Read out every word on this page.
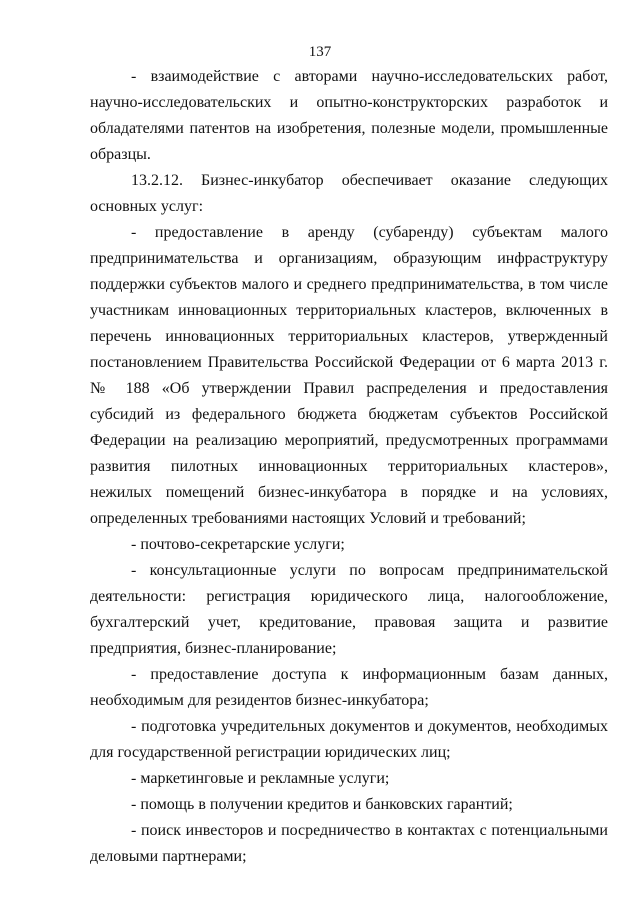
137

- взаимодействие с авторами научно-исследовательских работ, научно-исследовательских и опытно-конструкторских разработок и обладателями патентов на изобретения, полезные модели, промышленные образцы.

13.2.12. Бизнес-инкубатор обеспечивает оказание следующих основных услуг:

- предоставление в аренду (субаренду) субъектам малого предпринимательства и организациям, образующим инфраструктуру поддержки субъектов малого и среднего предпринимательства, в том числе участникам инновационных территориальных кластеров, включенных в перечень инновационных территориальных кластеров, утвержденный постановлением Правительства Российской Федерации от 6 марта 2013 г. № 188 «Об утверждении Правил распределения и предоставления субсидий из федерального бюджета бюджетам субъектов Российской Федерации на реализацию мероприятий, предусмотренных программами развития пилотных инновационных территориальных кластеров», нежилых помещений бизнес-инкубатора в порядке и на условиях, определенных требованиями настоящих Условий и требований;

- почтово-секретарские услуги;

- консультационные услуги по вопросам предпринимательской деятельности: регистрация юридического лица, налогообложение, бухгалтерский учет, кредитование, правовая защита и развитие предприятия, бизнес-планирование;

- предоставление доступа к информационным базам данных, необходимым для резидентов бизнес-инкубатора;

- подготовка учредительных документов и документов, необходимых для государственной регистрации юридических лиц;

- маркетинговые и рекламные услуги;

- помощь в получении кредитов и банковских гарантий;

- поиск инвесторов и посредничество в контактах с потенциальными деловыми партнерами;
